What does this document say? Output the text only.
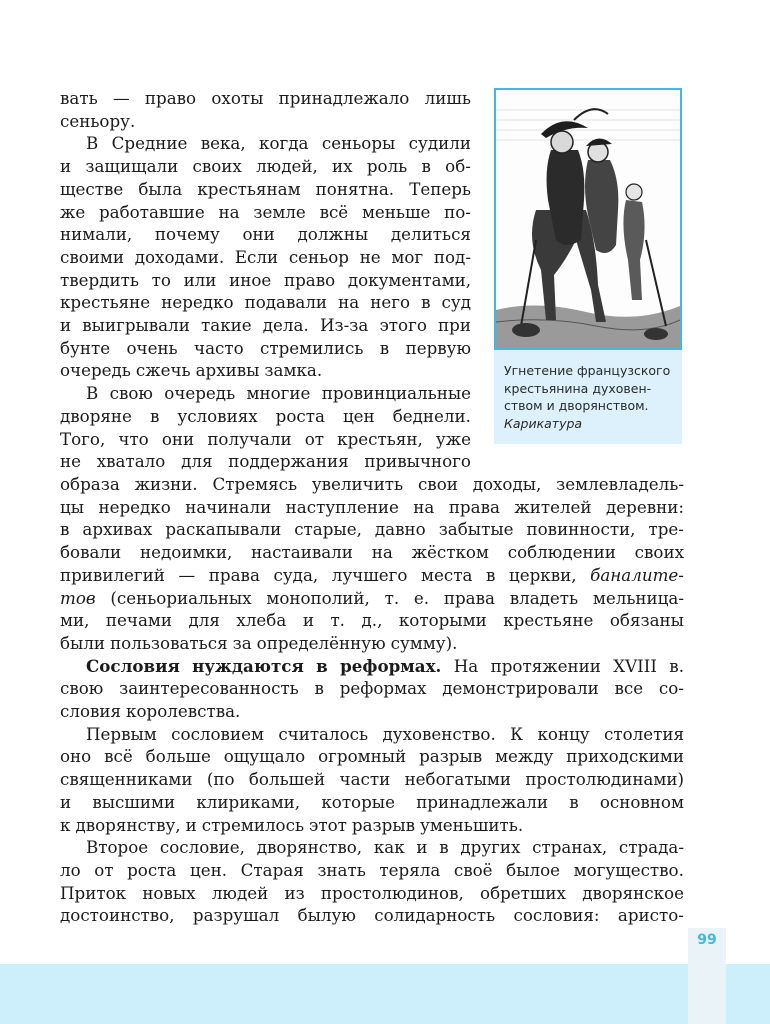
вать — право охоты принадлежало лишь
сеньору.
В Средние века, когда сеньоры судили
и защищали своих людей, их роль в об-
ществе была крестьянам понятна. Теперь
же работавшие на земле всё меньше по-
нимали, почему они должны делиться
своими доходами. Если сеньор не мог под-
твердить то или иное право документами,
крестьяне нередко подавали на него в суд
и выигрывали такие дела. Из-за этого при
бунте очень часто стремились в первую
очередь сжечь архивы замка.
В свою очередь многие провинциальные
дворяне в условиях роста цен беднели.
Того, что они получали от крестьян, уже
не хватало для поддержания привычного
образа жизни. Стремясь увеличить свои доходы, землевладель-
цы нередко начинали наступление на права жителей деревни:
в архивах раскапывали старые, давно забытые повинности, тре-
бовали недоимки, настаивали на жёстком соблюдении своих
привилегий — права суда, лучшего места в церкви, баналите-
тов (сеньориальных монополий, т. е. права владеть мельница-
ми, печами для хлеба и т. д., которыми крестьяне обязаны
были пользоваться за определённую сумму).
Сословия нуждаются в реформах. На протяжении XVIII в.
свою заинтересованность в реформах демонстрировали все со-
словия королевства.
Первым сословием считалось духовенство. К концу столетия
оно всё больше ощущало огромный разрыв между приходскими
священниками (по большей части небогатыми простолюдинами)
и высшими клириками, которые принадлежали в основном
к дворянству, и стремилось этот разрыв уменьшить.
Второе сословие, дворянство, как и в других странах, страда-
ло от роста цен. Старая знать теряла своё былое могущество.
Приток новых людей из простолюдинов, обретших дворянское
достоинство, разрушал былую солидарность сословия: аристо-
Угнетение французского
крестьянина духовен-
ством и дворянством.
Карикатура
99
